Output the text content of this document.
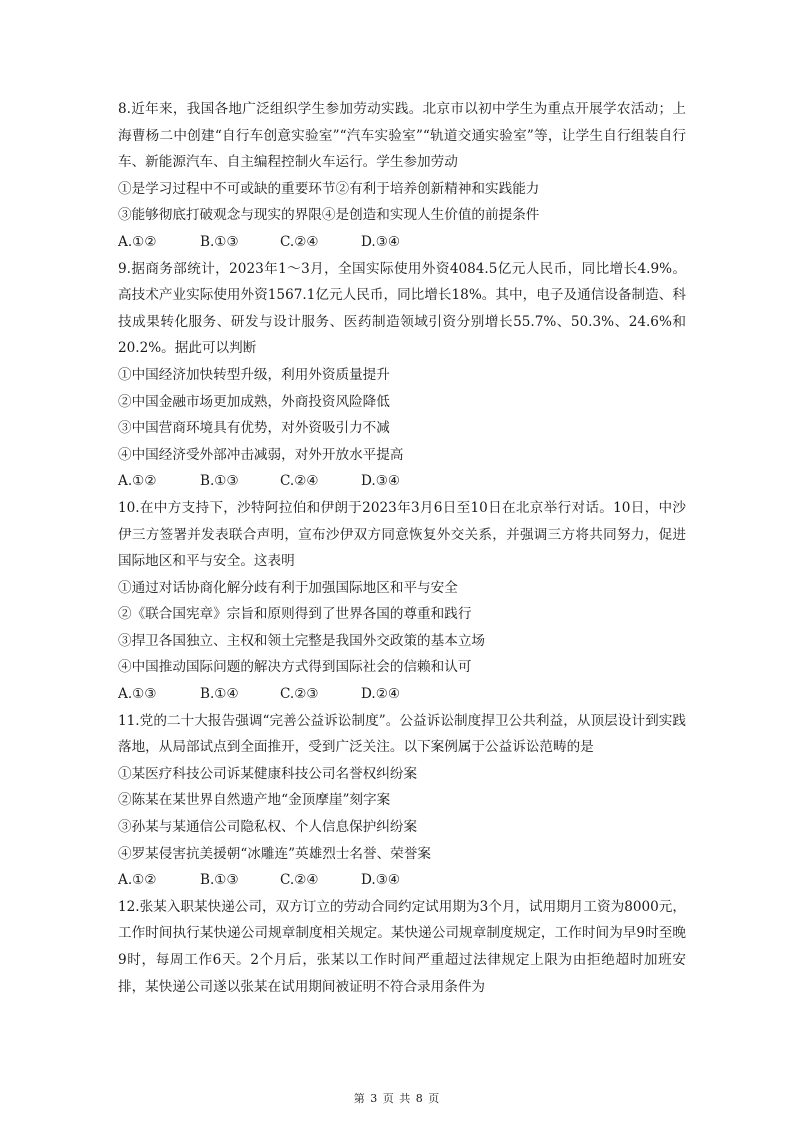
8.近年来，我国各地广泛组织学生参加劳动实践。北京市以初中学生为重点开展学农活动；上海曹杨二中创建“自行车创意实验室”“汽车实验室”“轨道交通实验室”等，让学生自行组装自行车、新能源汽车、自主编程控制火车运行。学生参加劳动
①是学习过程中不可或缺的重要环节②有利于培养创新精神和实践能力
③能够彻底打破观念与现实的界限④是创造和实现人生价值的前提条件
A.①②	B.①③	C.②④	D.③④
9.据商务部统计，2023年1～3月，全国实际使用外资4084.5亿元人民币，同比增长4.9%。高技术产业实际使用外资1567.1亿元人民币，同比增长18%。其中，电子及通信设备制造、科技成果转化服务、研发与设计服务、医药制造领域引资分别增长55.7%、50.3%、24.6%和20.2%。据此可以判断
①中国经济加快转型升级，利用外资质量提升
②中国金融市场更加成熟，外商投资风险降低
③中国营商环境具有优势，对外资吸引力不减
④中国经济受外部冲击减弱，对外开放水平提高
A.①②	B.①③	C.②④	D.③④
10.在中方支持下，沙特阿拉伯和伊朗于2023年3月6日至10日在北京举行对话。10日，中沙伊三方签署并发表联合声明，宣布沙伊双方同意恢复外交关系，并强调三方将共同努力，促进国际地区和平与安全。这表明
①通过对话协商化解分歧有利于加强国际地区和平与安全
②《联合国宪章》宗旨和原则得到了世界各国的尊重和践行
③捍卫各国独立、主权和领土完整是我国外交政策的基本立场
④中国推动国际问题的解决方式得到国际社会的信赖和认可
A.①③	B.①④	C.②③	D.②④
11.党的二十大报告强调“完善公益诉讼制度”。公益诉讼制度捍卫公共利益，从顶层设计到实践落地，从局部试点到全面推开，受到广泛关注。以下案例属于公益诉讼范畴的是
①某医疗科技公司诉某健康科技公司名誉权纠纷案
②陈某在某世界自然遗产地“金顶摩崖”刻字案
③孙某与某通信公司隐私权、个人信息保护纠纷案
④罗某侵害抗美援朝“冰雕连”英雄烈士名誉、荣誉案
A.①②	B.①③	C.②④	D.③④
12.张某入职某快递公司，双方订立的劳动合同约定试用期为3个月，试用期月工资为8000元，工作时间执行某快递公司规章制度相关规定。某快递公司规章制度规定，工作时间为早9时至晚9时，每周工作6天。2个月后，张某以工作时间严重超过法律规定上限为由拒绝超时加班安排，某快递公司遂以张某在试用期间被证明不符合录用条件为
第 3 页 共 8 页
